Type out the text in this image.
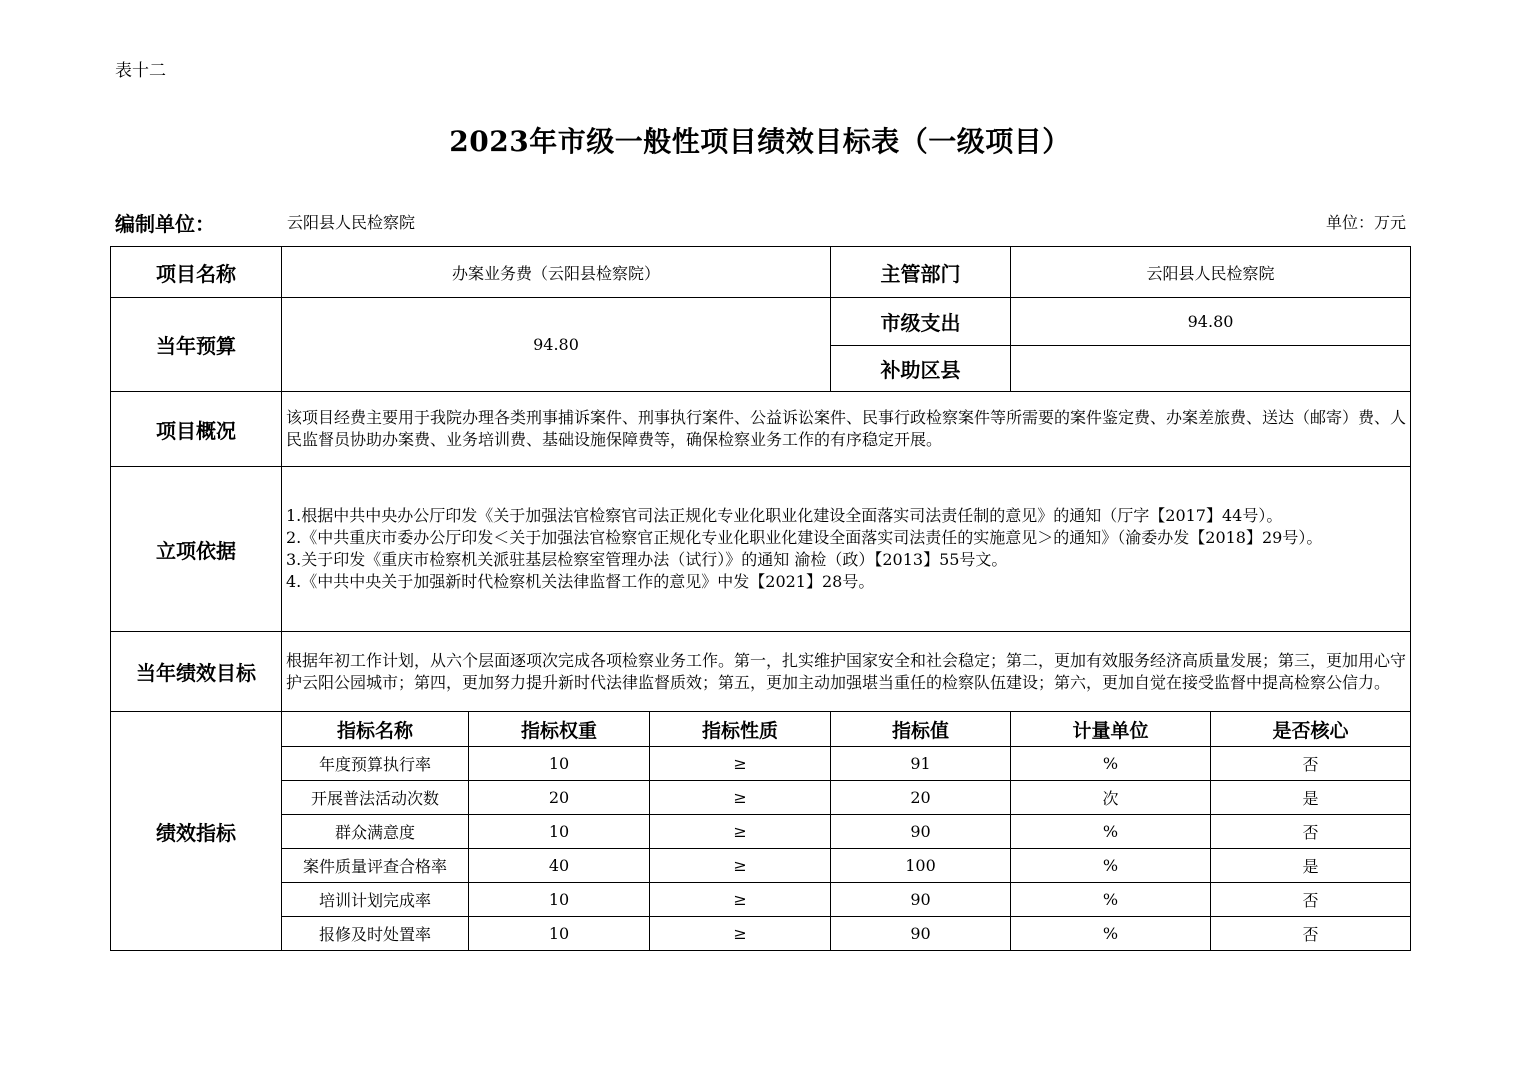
表十二
2023年市级一般性项目绩效目标表（一级项目）
编制单位：	云阳县人民检察院	单位：万元
项目名称	办案业务费（云阳县检察院）			主管部门	云阳县人民检察院	
当年预算	94.80			市级支出	94.80	
				补助区县		
项目概况	该项目经费主要用于我院办理各类刑事捕诉案件、刑事执行案件、公益诉讼案件、民事行政检察案件等所需要的案件鉴定费、办案差旅费、送达（邮寄）费、人民监督员协助办案费、业务培训费、基础设施保障费等，确保检察业务工作的有序稳定开展。					
立项依据	1.根据中共中央办公厅印发《关于加强法官检察官司法正规化专业化职业化建设全面落实司法责任制的意见》的通知（厅字【2017】44号）。
2.《中共重庆市委办公厅印发＜关于加强法官检察官正规化专业化职业化建设全面落实司法责任的实施意见＞的通知》（渝委办发【2018】29号）。
3.关于印发《重庆市检察机关派驻基层检察室管理办法（试行）》的通知 渝检（政）【2013】55号文。
4.《中共中央关于加强新时代检察机关法律监督工作的意见》中发【2021】28号。					

当年绩效目标	根据年初工作计划，从六个层面逐项次完成各项检察业务工作。第一，扎实维护国家安全和社会稳定；第二，更加有效服务经济高质量发展；第三，更加用心守护云阳公园城市；第四，更加努力提升新时代法律监督质效；第五，更加主动加强堪当重任的检察队伍建设；第六，更加自觉在接受监督中提高检察公信力。					
绩效指标	指标名称	指标权重	指标性质	指标值	计量单位	是否核心
	年度预算执行率	10	≥	91	%	否
	开展普法活动次数	20	≥	20	次	是
	群众满意度	10	≥	90	%	否
	案件质量评查合格率	40	≥	100	%	是
	培训计划完成率	10	≥	90	%	否
	报修及时处置率	10	≥	90	%	否
